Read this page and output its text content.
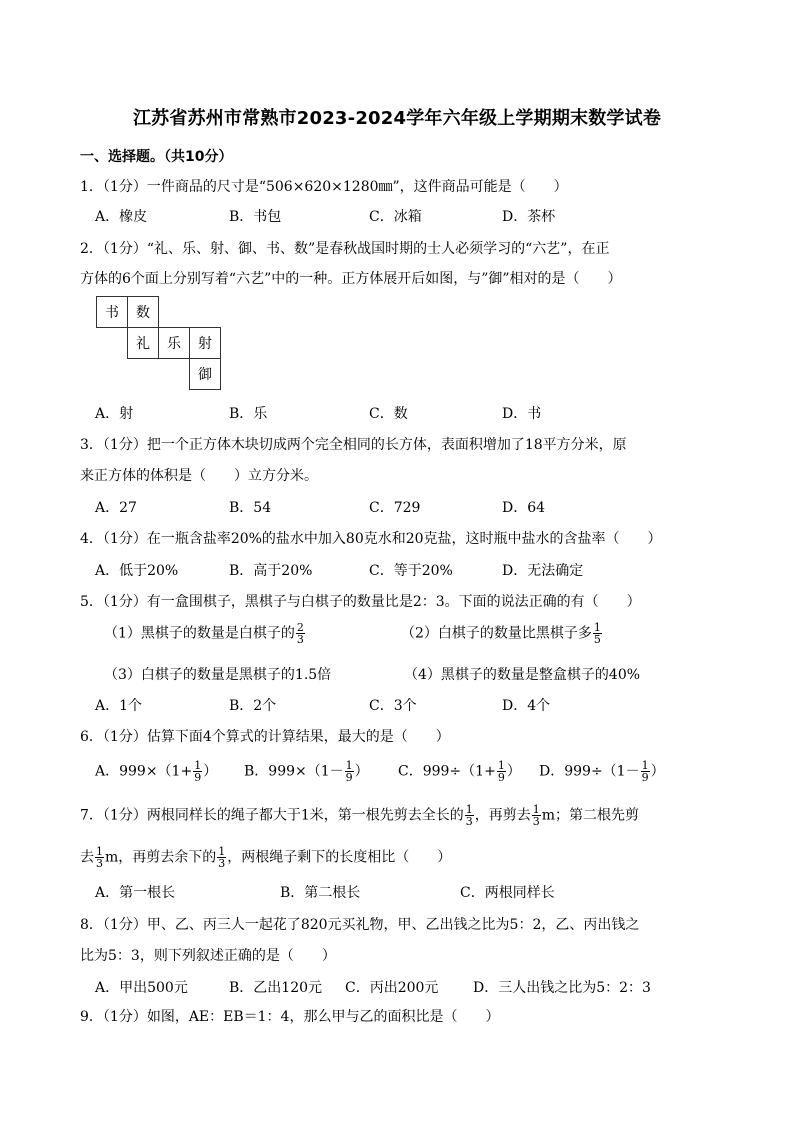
江苏省苏州市常熟市2023-2024学年六年级上学期期末数学试卷
一、选择题。（共10分）
1．（1分）一件商品的尺寸是“506×620×1280㎜”，这件商品可能是（　　）
A．橡皮	B．书包	C．冰箱	D．茶杯
2．（1分）“礼、乐、射、御、书、数”是春秋战国时期的士人必须学习的“六艺”，在正
方体的6个面上分别写着“六艺”中的一种。正方体展开后如图，与”御”相对的是（　　）
书	数
礼	乐	射
御
A．射	B．乐	C．数	D．书
3．（1分）把一个正方体木块切成两个完全相同的长方体，表面积增加了18平方分米，原
来正方体的体积是（　　）立方分米。
A．27	B．54	C．729	D．64
4．（1分）在一瓶含盐率20%的盐水中加入80克水和20克盐，这时瓶中盐水的含盐率（　　）
A．低于20%	B．高于20%	C．等于20%	D．无法确定
5．（1分）有一盒围棋子，黑棋子与白棋子的数量比是2：3。下面的说法正确的有（　　）
（1）黑棋子的数量是白棋子的 $\frac{2}{3}$	（2）白棋子的数量比黑棋子多 $\frac{1}{5}$
（3）白棋子的数量是黑棋子的1.5倍	（4）黑棋子的数量是整盒棋子的40%
A．1个	B．2个	C．3个	D．4个
6．（1分）估算下面4个算式的计算结果，最大的是（　　）
A．$999\times(1+ \frac{1}{9}$ ） B．$999\times(1- \frac{1}{9}$ ） C．$999\div(1+ \frac{1}{9}$ ） D．$999\div(1- \frac{1}{9}$ ）
7．（1分）两根同样长的绳子都大于1米，第一根先剪去全长的 $\frac{1}{3}$ ，再剪去 $\frac{1}{3}$ m；第二根先剪
去 $\frac{1}{3}$ m，再剪去余下的 $\frac{1}{3}$ ，两根绳子剩下的长度相比（　　）
A．第一根长	B．第二根长	C．两根同样长
8．（1分）甲、乙、丙三人一起花了820元买礼物，甲、乙出钱之比为5：2，乙、丙出钱之
比为5：3，则下列叙述正确的是（　　）
A．甲出500元	B．乙出120元 C．丙出200元 D．三人出钱之比为5：2：3
9．（1分）如图，AE：EB＝1：4，那么甲与乙的面积比是（　　）
